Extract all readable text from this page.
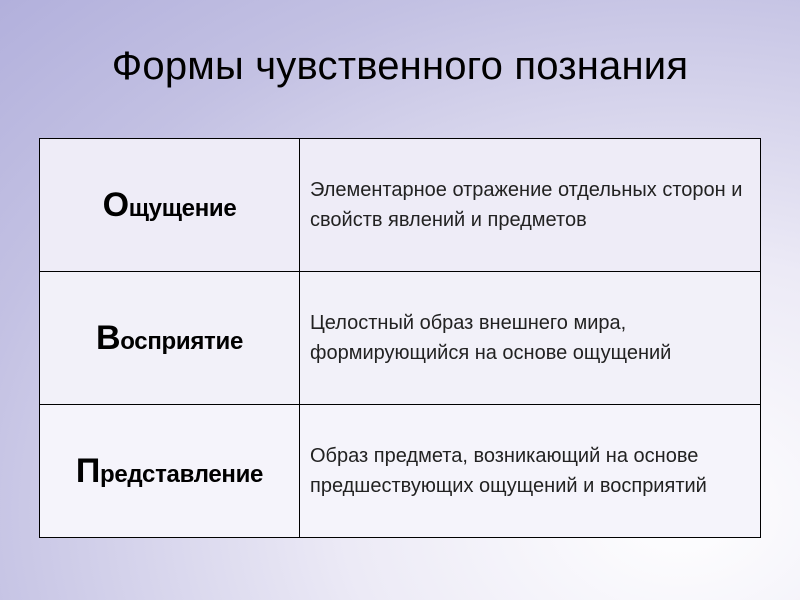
Формы чувственного познания
Ощущение	Элементарное отражение отдельных сторон и свойств явлений и предметов
Восприятие	Целостный образ внешнего мира, формирующийся на основе ощущений
Представление	Образ предмета, возникающий на основе предшествующих ощущений и восприятий
